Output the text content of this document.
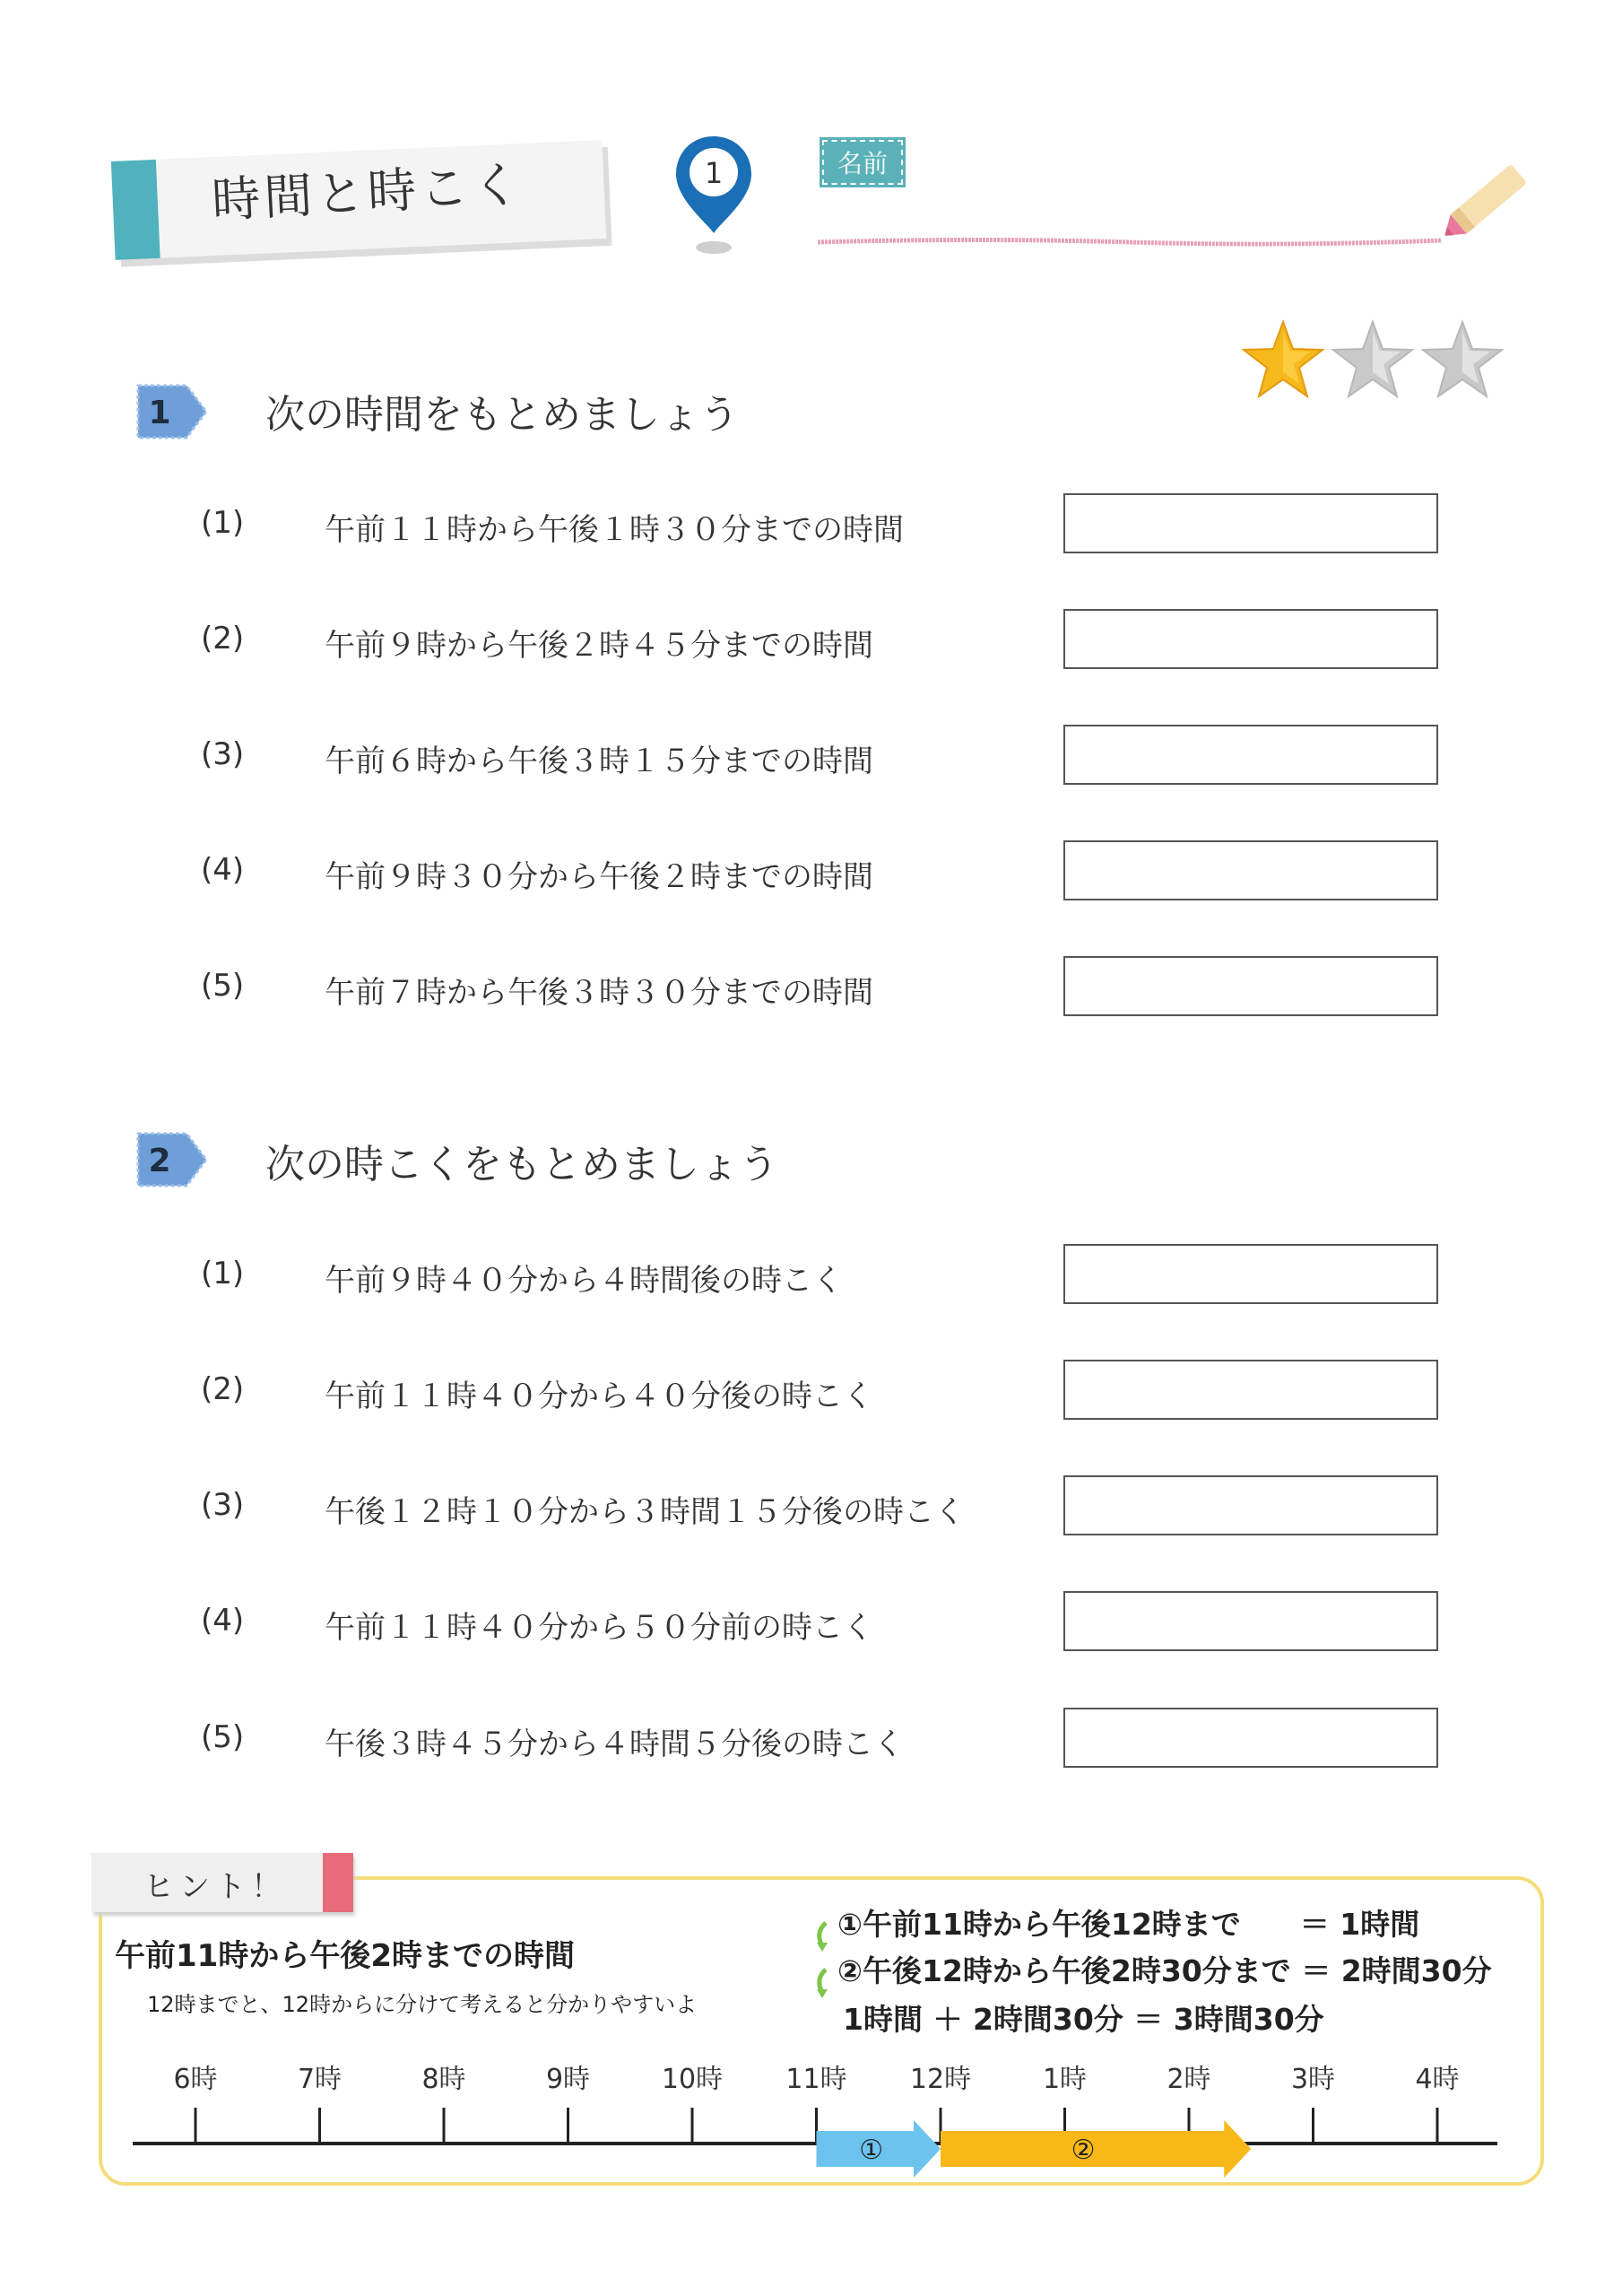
時間と時こく	1	名前
1 次の時間をもとめましょう
(1)	午前１１時から午後１時３０分までの時間
(2)	午前９時から午後２時４５分までの時間
(3)	午前６時から午後３時１５分までの時間
(4)	午前９時３０分から午後２時までの時間
(5)	午前７時から午後３時３０分までの時間
2 次の時こくをもとめましょう
(1)	午前９時４０分から４時間後の時こく
(2)	午前１１時４０分から４０分後の時こく
(3)	午後１２時１０分から３時間１５分後の時こく
(4)	午前１１時４０分から５０分前の時こく
(5)	午後３時４５分から４時間５分後の時こく
ヒント！
午前11時から午後2時までの時間
12時までと、12時からに分けて考えると分かりやすいよ
①午前11時から午後12時まで　　＝ 1時間
②午後12時から午後2時30分まで ＝ 2時間30分
1時間 ＋ 2時間30分 ＝ 3時間30分
6時	7時	8時	9時	10時 11時 12時	1時	2時	3時	4時
①	②
